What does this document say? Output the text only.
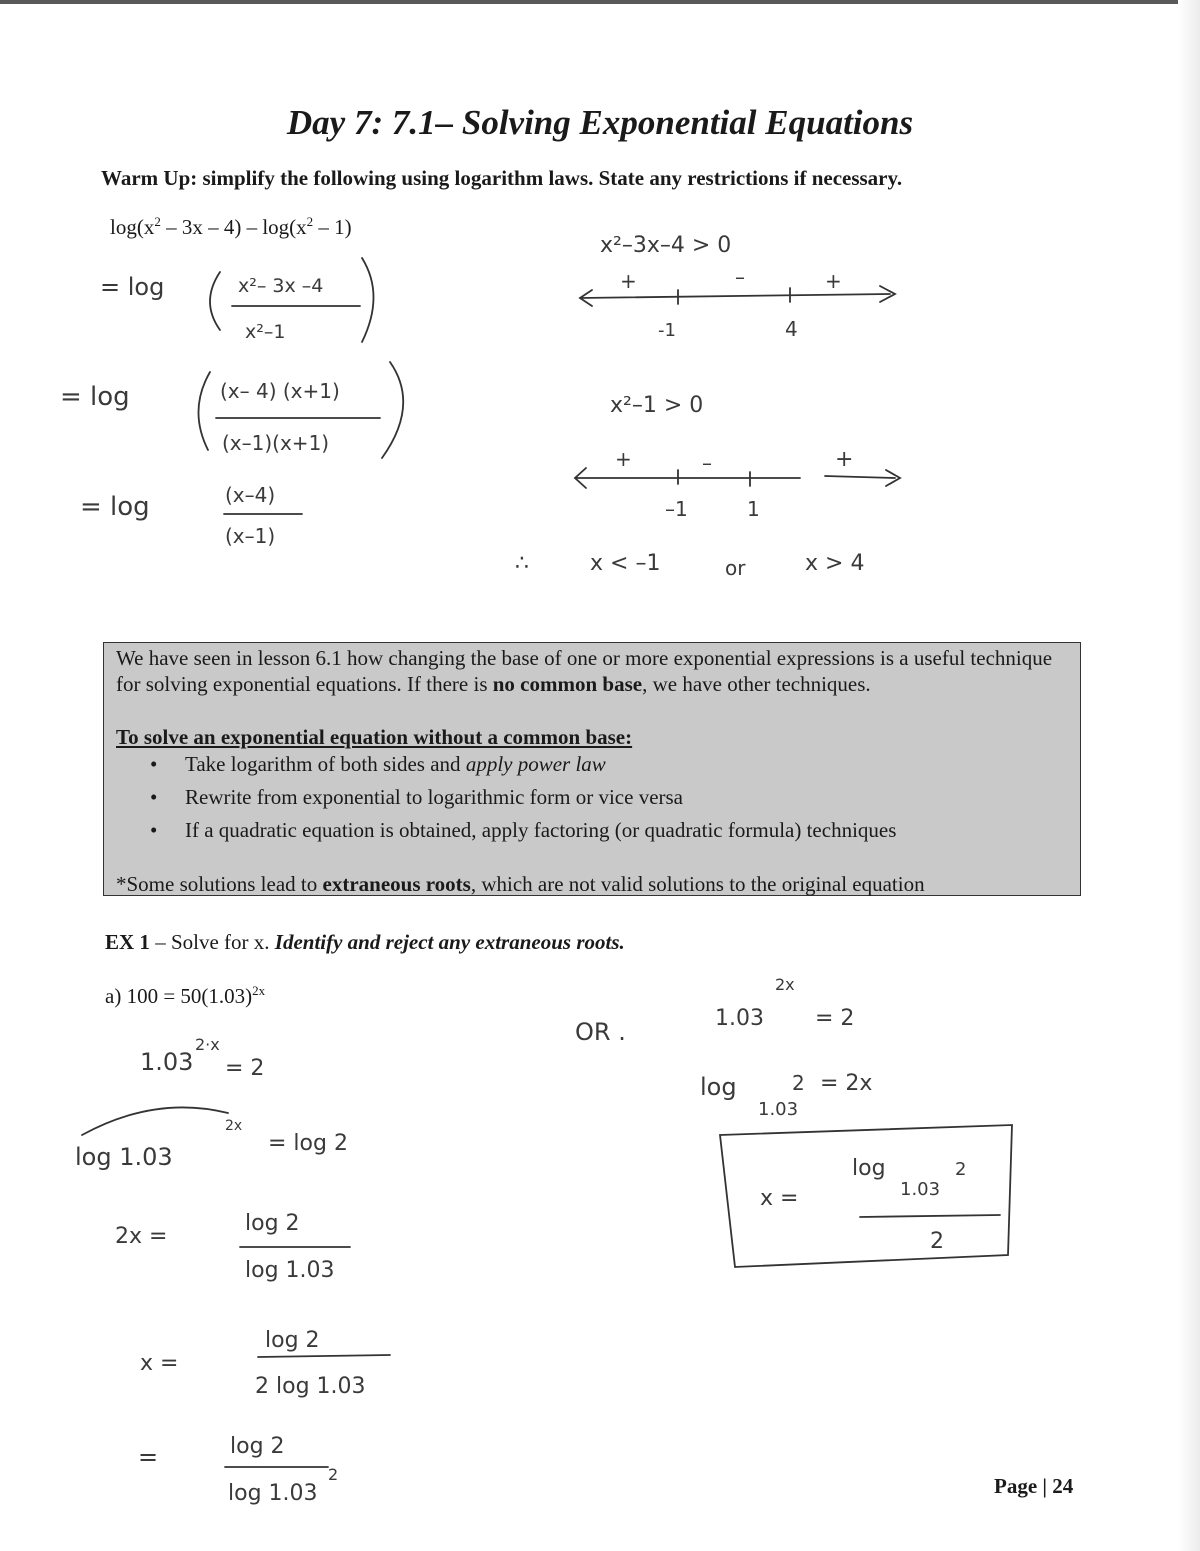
Day 7: 7.1– Solving Exponential Equations
Warm Up: simplify the following using logarithm laws. State any restrictions if necessary.
$\log(x^2 - 3x - 4) - \log(x^2 - 1)$
= log	x²– 3x –4
x²–1
= log	(x– 4) (x+1)
(x–1)(x+1)
= log	(x–4)
(x–1)
x²–3x–4 > 0
+	–	+
-1	4
x²–1 > 0
+	–	+
–1	1
∴	x < –1	or	x > 4
We have seen in lesson 6.1 how changing the base of one or more exponential expressions is a useful technique for solving exponential equations. If there is no common base, we have other techniques.
To solve an exponential equation without a common base:
• Take logarithm of both sides and apply power law
• Rewrite from exponential to logarithmic form or vice versa
• If a quadratic equation is obtained, apply factoring (or quadratic formula) techniques
*Some solutions lead to extraneous roots, which are not valid solutions to the original equation
EX 1 – Solve for x. Identify and reject any extraneous roots.
a) $100 = 50(1.03)^{2x}$
1.03
2·x
= 2
log 1.03
2x
= log 2
2x =
log 2
log 1.03
x =
log 2
2 log 1.03
=	log 2
log 1.03
2
OR .	1.03
2x
= 2
log
1.03
2 = 2x
x =
log
1.03
2
2
Page | 24
